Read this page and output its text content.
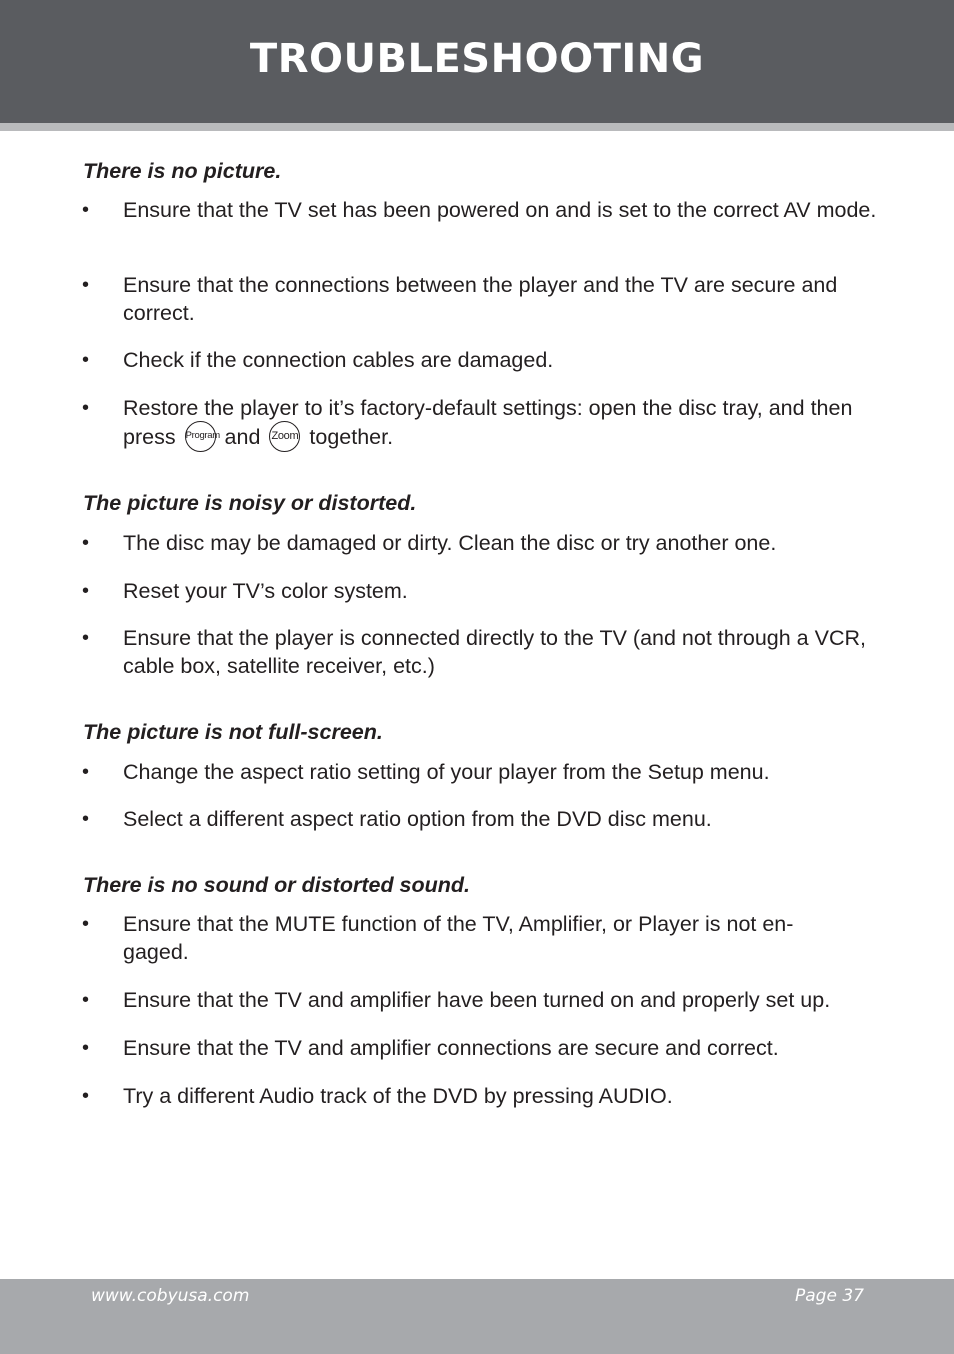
TROUBLESHOOTING
There is no picture.
• Ensure that the TV set has been powered on and is set to the correct AV mode.
• Ensure that the connections between the player and the TV are secure and correct.
• Check if the connection cables are damaged.
• Restore the player to it’s factory-default settings: open the disc tray, and then press Program and Zoom together.
The picture is noisy or distorted.
• The disc may be damaged or dirty. Clean the disc or try another one.
• Reset your TV’s color system.
• Ensure that the player is connected directly to the TV (and not through a VCR, cable box, satellite receiver, etc.)
The picture is not full-screen.
• Change the aspect ratio setting of your player from the Setup menu.
• Select a different aspect ratio option from the DVD disc menu.
There is no sound or distorted sound.
• Ensure that the MUTE function of the TV, Amplifier, or Player is not en-gaged.
• Ensure that the TV and amplifier have been turned on and properly set up.
• Ensure that the TV and amplifier connections are secure and correct.
• Try a different Audio track of the DVD by pressing AUDIO.
www.cobyusa.com	Page 37
